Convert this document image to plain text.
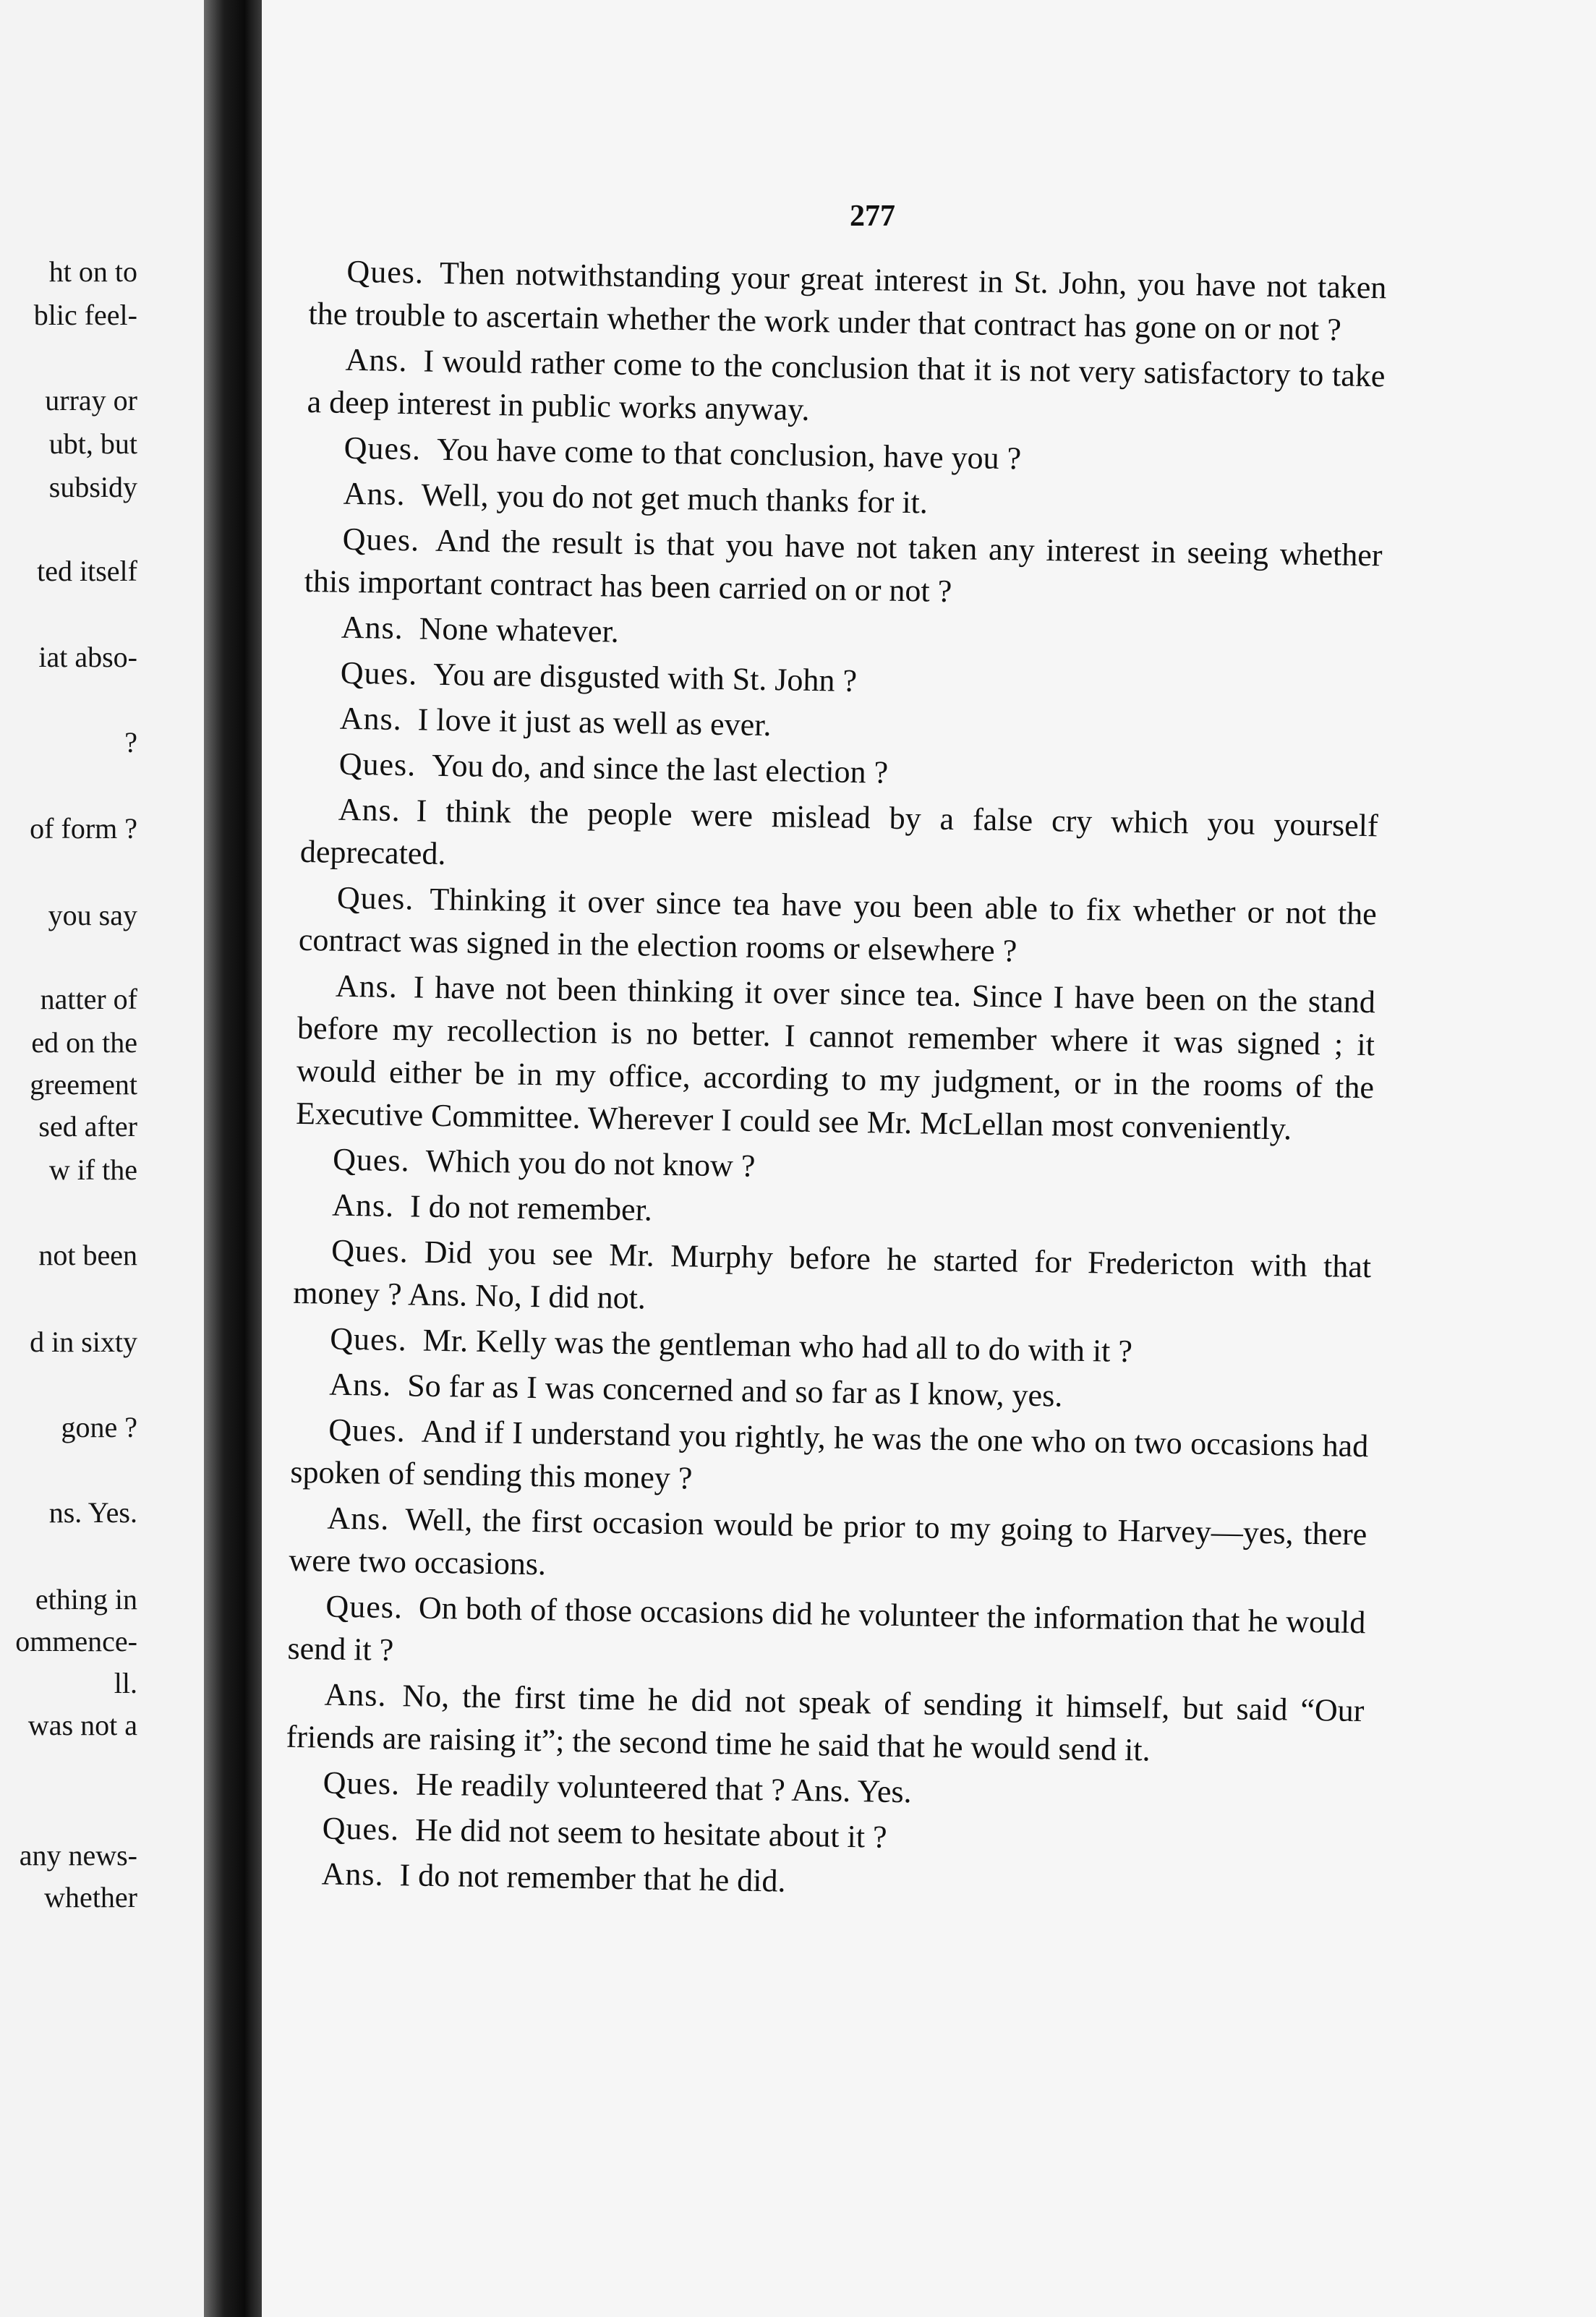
ht on to
blic feel-
urray or
ubt, but
subsidy
ted itself
iat abso-
?
of form ?
you say
natter of
ed on the
greement
sed after
w if the
not been
d in sixty
gone ?
ns. Yes.
ething in
ommence-
ll.
was not a
any news-
whether
277

Ques. Then notwithstanding your great interest in St. John, you have not taken the trouble to ascertain whether the work under that contract has gone on or not ?

Ans. I would rather come to the conclusion that it is not very satisfactory to take a deep interest in public works anyway.

Ques. You have come to that conclusion, have you ?

Ans. Well, you do not get much thanks for it.

Ques. And the result is that you have not taken any interest in seeing whether this important contract has been carried on or not ?

Ans. None whatever.

Ques. You are disgusted with St. John ?

Ans. I love it just as well as ever.

Ques. You do, and since the last election ?

Ans. I think the people were mislead by a false cry which you yourself deprecated.

Ques. Thinking it over since tea have you been able to fix whether or not the contract was signed in the election rooms or elsewhere ?

Ans. I have not been thinking it over since tea. Since I have been on the stand before my recollection is no better. I cannot remember where it was signed ; it would either be in my office, according to my judgment, or in the rooms of the Executive Committee. Wherever I could see Mr. McLellan most conveniently.

Ques. Which you do not know ?

Ans. I do not remember.

Ques. Did you see Mr. Murphy before he started for Fredericton with that money ? Ans. No, I did not.

Ques. Mr. Kelly was the gentleman who had all to do with it ?

Ans. So far as I was concerned and so far as I know, yes.

Ques. And if I understand you rightly, he was the one who on two occasions had spoken of sending this money ?

Ans. Well, the first occasion would be prior to my going to Harvey—yes, there were two occasions.

Ques. On both of those occasions did he volunteer the information that he would send it ?

Ans. No, the first time he did not speak of sending it himself, but said “Our friends are raising it”; the second time he said that he would send it.

Ques. He readily volunteered that ? Ans. Yes.

Ques. He did not seem to hesitate about it ?

Ans. I do not remember that he did.
